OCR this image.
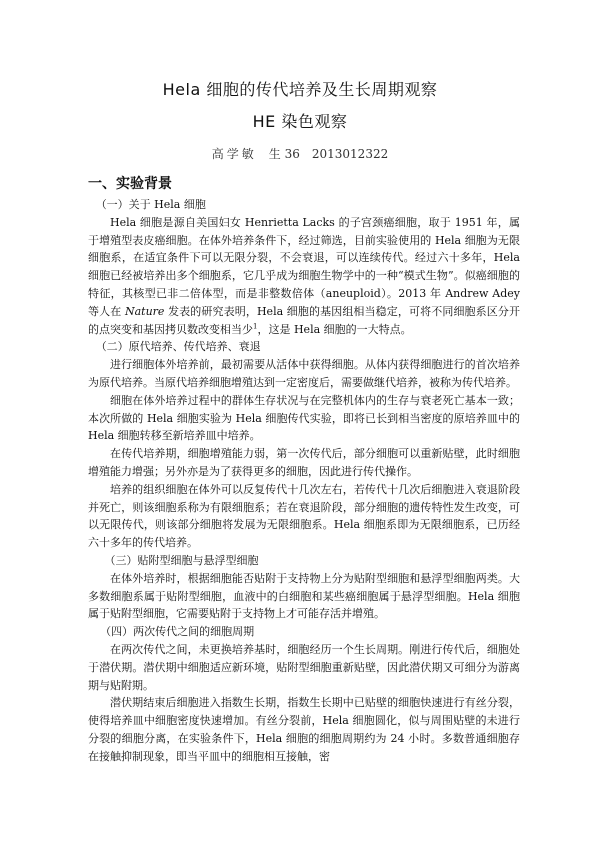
Hela 细胞的传代培养及生长周期观察
HE 染色观察
高学敏 生 36 2013012322
一、实验背景

（一）关于 Hela 细胞

Hela 细胞是源自美国妇女 Henrietta Lacks 的子宫颈癌细胞，取于 1951 年，属于增殖型表皮癌细胞。在体外培养条件下，经过筛选，目前实验使用的 Hela 细胞为无限细胞系，在适宜条件下可以无限分裂，不会衰退，可以连续传代。经过六十多年，Hela 细胞已经被培养出多个细胞系，它几乎成为细胞生物学中的一种“模式生物”。似癌细胞的特征，其核型已非二倍体型，而是非整数倍体（aneuploid）。2013 年 Andrew Adey 等人在 Nature 发表的研究表明，Hela 细胞的基因组相当稳定，可将不同细胞系区分开的点突变和基因拷贝数改变相当少$^1$，这是 Hela 细胞的一大特点。

（二）原代培养、传代培养、衰退

进行细胞体外培养前，最初需要从活体中获得细胞。从体内获得细胞进行的首次培养为原代培养。当原代培养细胞增殖达到一定密度后，需要做继代培养，被称为传代培养。

细胞在体外培养过程中的群体生存状况与在完整机体内的生存与衰老死亡基本一致；本次所做的 Hela 细胞实验为 Hela 细胞传代实验，即将已长到相当密度的原培养皿中的 Hela 细胞转移至新培养皿中培养。

在传代培养期，细胞增殖能力弱，第一次传代后，部分细胞可以重新贴壁，此时细胞增殖能力增强；另外亦是为了获得更多的细胞，因此进行传代操作。

培养的组织细胞在体外可以反复传代十几次左右，若传代十几次后细胞进入衰退阶段并死亡，则该细胞系称为有限细胞系；若在衰退阶段，部分细胞的遗传特性发生改变，可以无限传代，则该部分细胞将发展为无限细胞系。Hela 细胞系即为无限细胞系，已历经六十多年的传代培养。

（三）贴附型细胞与悬浮型细胞

在体外培养时，根据细胞能否贴附于支持物上分为贴附型细胞和悬浮型细胞两类。大多数细胞系属于贴附型细胞，血液中的白细胞和某些癌细胞属于悬浮型细胞。Hela 细胞属于贴附型细胞，它需要贴附于支持物上才可能存活并增殖。

（四）两次传代之间的细胞周期

在两次传代之间，未更换培养基时，细胞经历一个生长周期。刚进行传代后，细胞处于潜伏期。潜伏期中细胞适应新环境，贴附型细胞重新贴壁，因此潜伏期又可细分为游离期与贴附期。

潜伏期结束后细胞进入指数生长期，指数生长期中已贴壁的细胞快速进行有丝分裂，使得培养皿中细胞密度快速增加。有丝分裂前，Hela 细胞圆化，似与周围贴壁的未进行分裂的细胞分离，在实验条件下，Hela 细胞的细胞周期约为 24 小时。多数普通细胞存在接触抑制现象，即当平皿中的细胞相互接触，密
